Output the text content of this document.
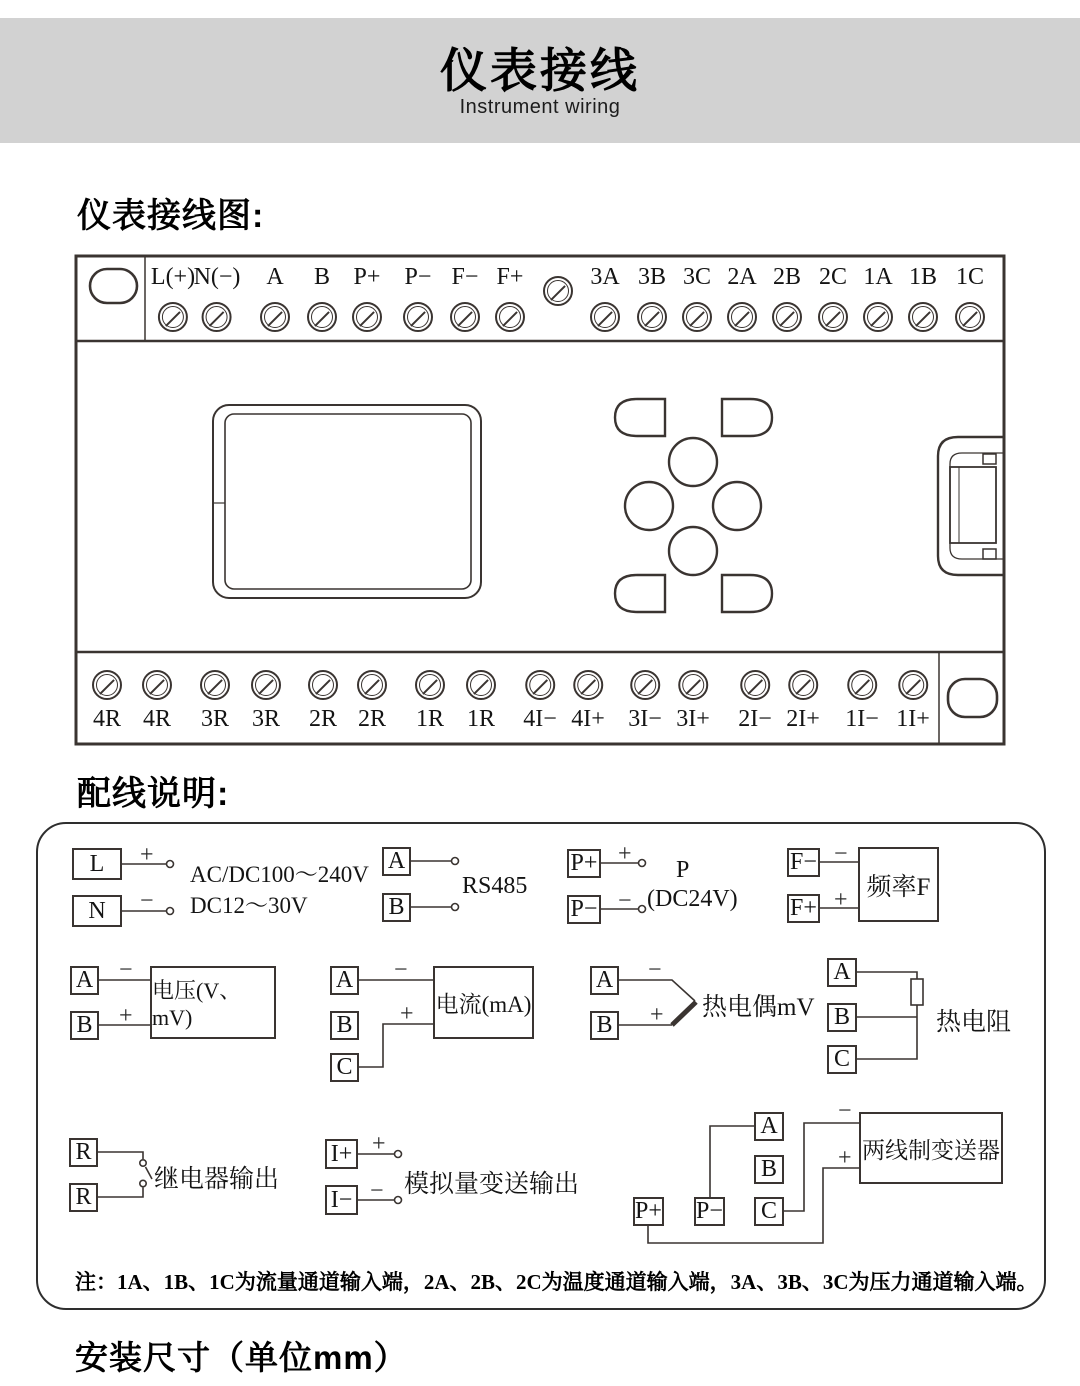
仪表接线
Instrument wiring
仪表接线图:
配线说明:
安装尺寸（单位mm）
L(+)
N(−) A B P+ P− F− F+	3A 3B 3C 2A 2B 2C 1A 1B 1C
4R 4R 3R 3R 2R 2R 1R 1R 4I− 4I+ 3I− 3I+ 2I− 2I+ 1I− 1I+
L
N
+
−
AC/DC100～240V
DC12～30V
A
B
RS485
P+
P−
+
−
P
(DC24V)
F−
F+
−
+ 频率F
A
B
−
+
电压(V、mV)
A
B
C
−
+ 电流(mA)
A
B
−
+ 热电偶mV
A
B
C
热电阻
R
R
继电器输出
I+
I−
+
− 模拟量变送输出
A
B
C
P+ P−
−
+ 两线制变送器
注：1A、1B、1C为流量通道输入端，2A、2B、2C为温度通道输入端，3A、3B、3C为压力通道输入端。
